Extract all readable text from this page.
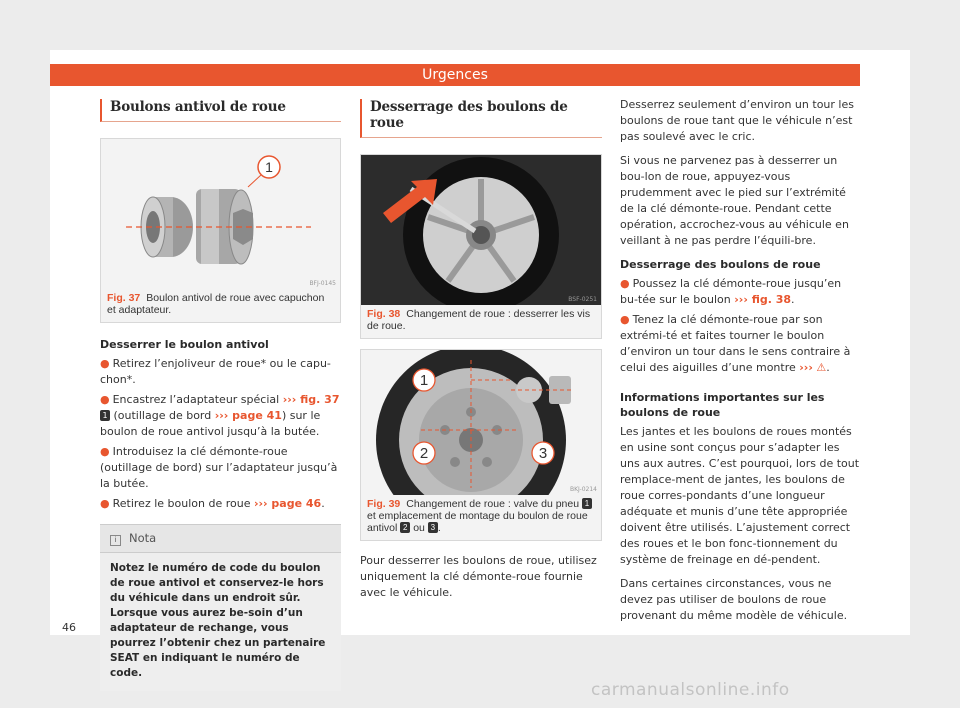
Urgences
Boulons antivol de roue
1
BFJ-0145
Fig. 37 Boulon antivol de roue avec capuchon et adaptateur.
Desserrer le boulon antivol
● Retirez l’enjoliveur de roue* ou le capu-chon*.
● Encastrez l’adaptateur spécial ››› fig. 37 1 (outillage de bord ››› page 41) sur le boulon de roue antivol jusqu’à la butée.
● Introduisez la clé démonte-roue (outillage de bord) sur l’adaptateur jusqu’à la butée.
● Retirez le boulon de roue ››› page 46.
i Nota
Notez le numéro de code du boulon de roue antivol et conservez-le hors du véhicule dans un endroit sûr. Lorsque vous aurez be-soin d’un adaptateur de rechange, vous pourrez l’obtenir chez un partenaire SEAT en indiquant le numéro de code.
Desserrage des boulons de roue
BSF-0251
Fig. 38 Changement de roue : desserrer les vis de roue.
1
2	3
BKJ-0214
Fig. 39 Changement de roue : valve du pneu 1 et emplacement de montage du boulon de roue antivol 2 ou 3 .
Pour desserrer les boulons de roue, utilisez uniquement la clé démonte-roue fournie avec le véhicule.
Desserrez seulement d’environ un tour les boulons de roue tant que le véhicule n’est pas soulevé avec le cric.
Si vous ne parvenez pas à desserrer un bou-lon de roue, appuyez-vous prudemment avec le pied sur l’extrémité de la clé démonte-roue. Pendant cette opération, accrochez-vous au véhicule en veillant à ne pas perdre l’équili-bre.
Desserrage des boulons de roue
● Poussez la clé démonte-roue jusqu’en bu-tée sur le boulon ››› fig. 38.
● Tenez la clé démonte-roue par son extrémi-té et faites tourner le boulon d’environ un tour dans le sens contraire à celui des aiguilles d’une montre ››› ⚠.
Informations importantes sur les boulons de roue
Les jantes et les boulons de roues montés en usine sont conçus pour s’adapter les uns aux autres. C’est pourquoi, lors de tout remplace-ment de jantes, les boulons de roue corres-pondants d’une longueur adéquate et munis d’une tête appropriée doivent être utilisés. L’ajustement correct des roues et le bon fonc-tionnement du système de freinage en dé-pendent.
Dans certaines circonstances, vous ne devez pas utiliser de boulons de roue provenant du même modèle de véhicule.
46
carmanualsonline.info
